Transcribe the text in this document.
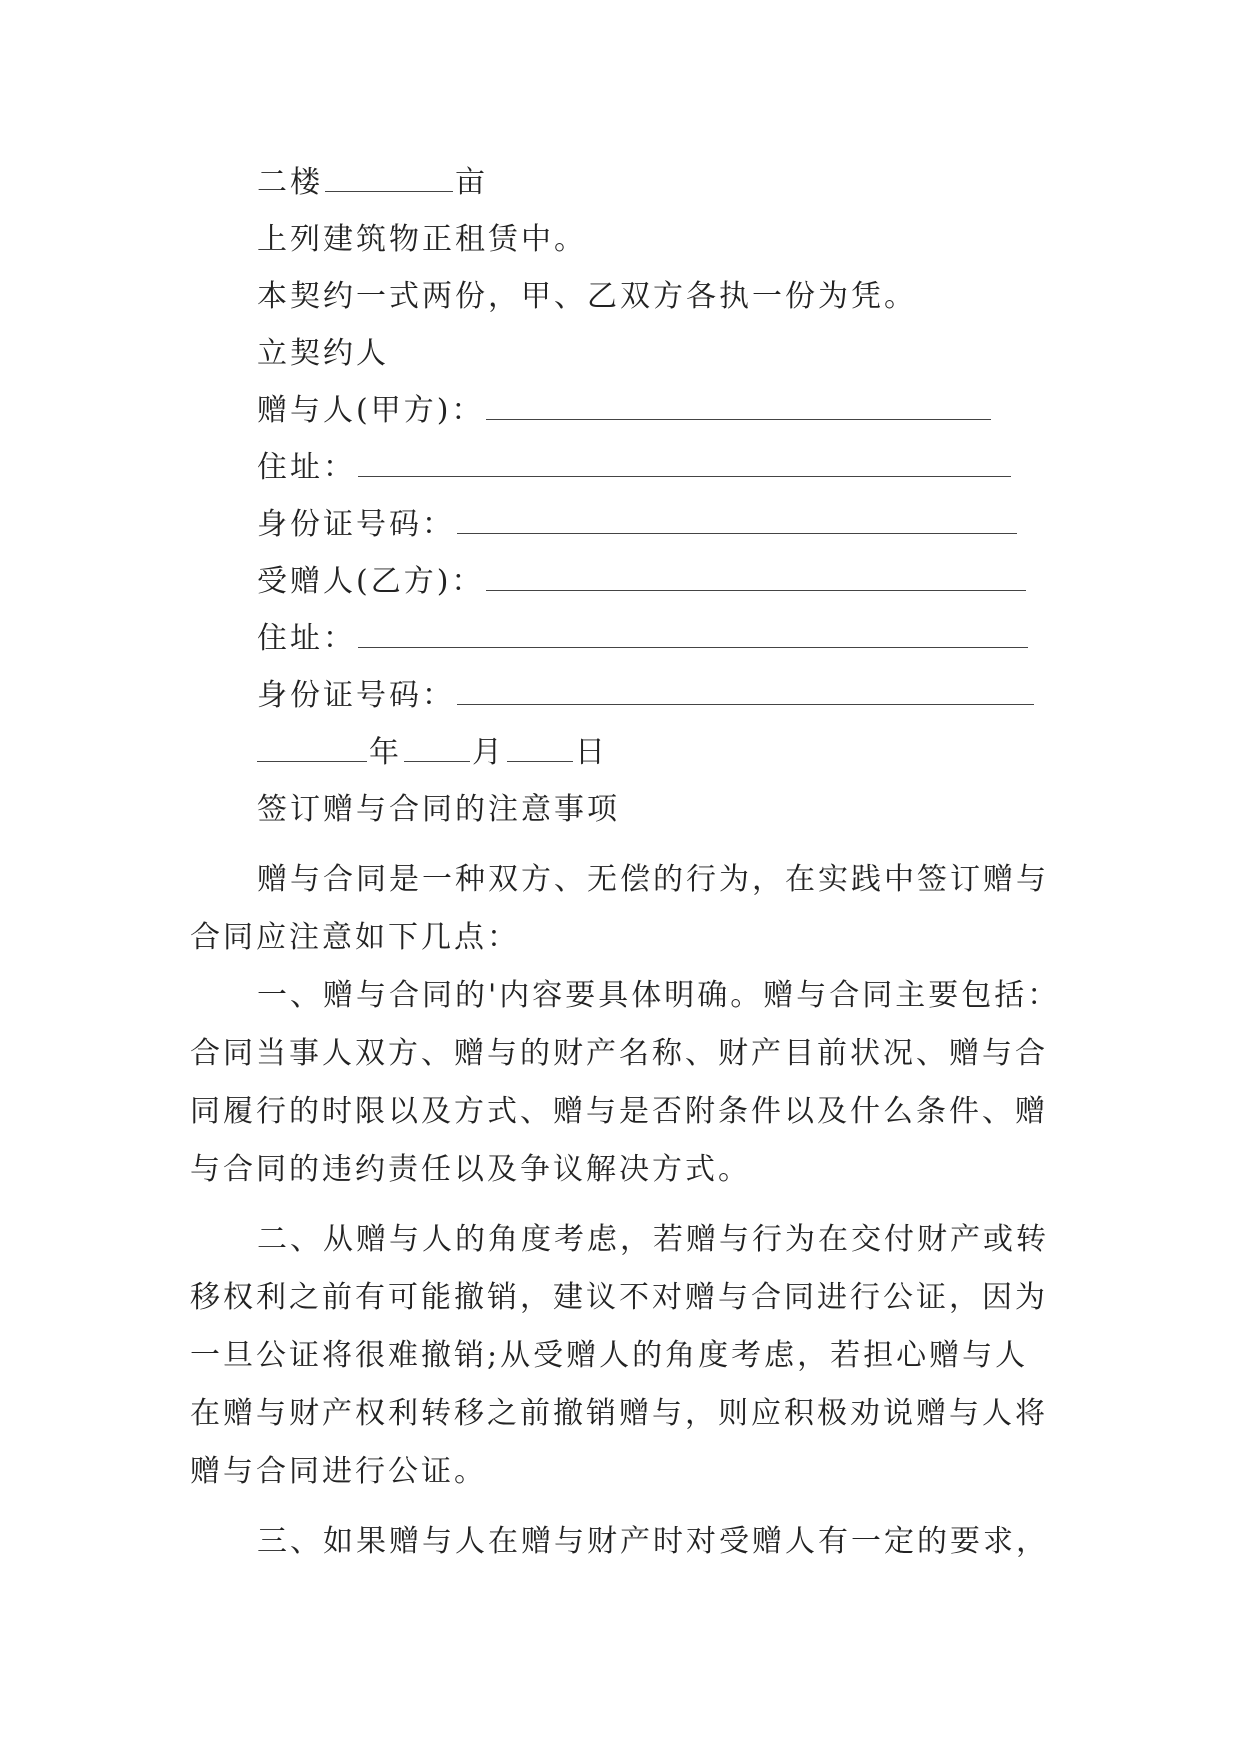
二楼	亩
上列建筑物正租赁中。
本契约一式两份，甲、乙双方各执一份为凭。
立契约人
赠与人(甲方)：
住址：
身份证号码：
受赠人(乙方)：
住址：
身份证号码：
年 月 日
签订赠与合同的注意事项
赠与合同是一种双方、无偿的行为，在实践中签订赠与
合同应注意如下几点：
一、赠与合同的'内容要具体明确。赠与合同主要包括：
合同当事人双方、赠与的财产名称、财产目前状况、赠与合
同履行的时限以及方式、赠与是否附条件以及什么条件、赠
与合同的违约责任以及争议解决方式。
二、从赠与人的角度考虑，若赠与行为在交付财产或转
移权利之前有可能撤销，建议不对赠与合同进行公证，因为
一旦公证将很难撤销;从受赠人的角度考虑，若担心赠与人
在赠与财产权利转移之前撤销赠与，则应积极劝说赠与人将
赠与合同进行公证。
三、如果赠与人在赠与财产时对受赠人有一定的要求，
